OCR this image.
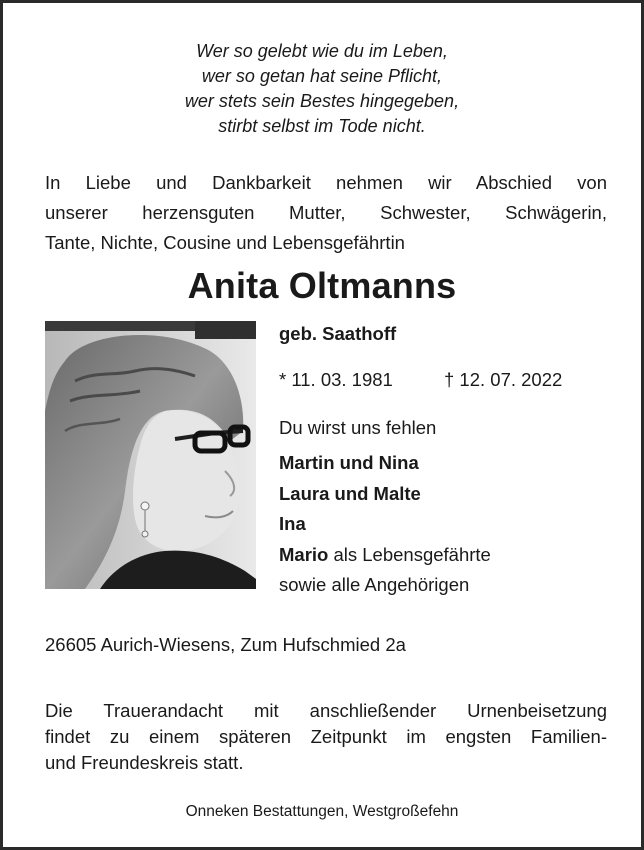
Wer so gelebt wie du im Leben,
wer so getan hat seine Pflicht,
wer stets sein Bestes hingegeben,
stirbt selbst im Tode nicht.
In Liebe und Dankbarkeit nehmen wir Abschied von
unserer herzensguten Mutter, Schwester, Schwägerin,
Tante, Nichte, Cousine und Lebensgefährtin
Anita Oltmanns
geb. Saathoff
* 11. 03. 1981	† 12. 07. 2022
Du wirst uns fehlen
Martin und Nina
Laura und Malte
Ina
Mario als Lebensgefährte
sowie alle Angehörigen
26605 Aurich-Wiesens, Zum Hufschmied 2a
Die Trauerandacht mit anschließender Urnenbeisetzung
findet zu einem späteren Zeitpunkt im engsten Familien-
und Freundeskreis statt.
Onneken Bestattungen, Westgroßefehn
